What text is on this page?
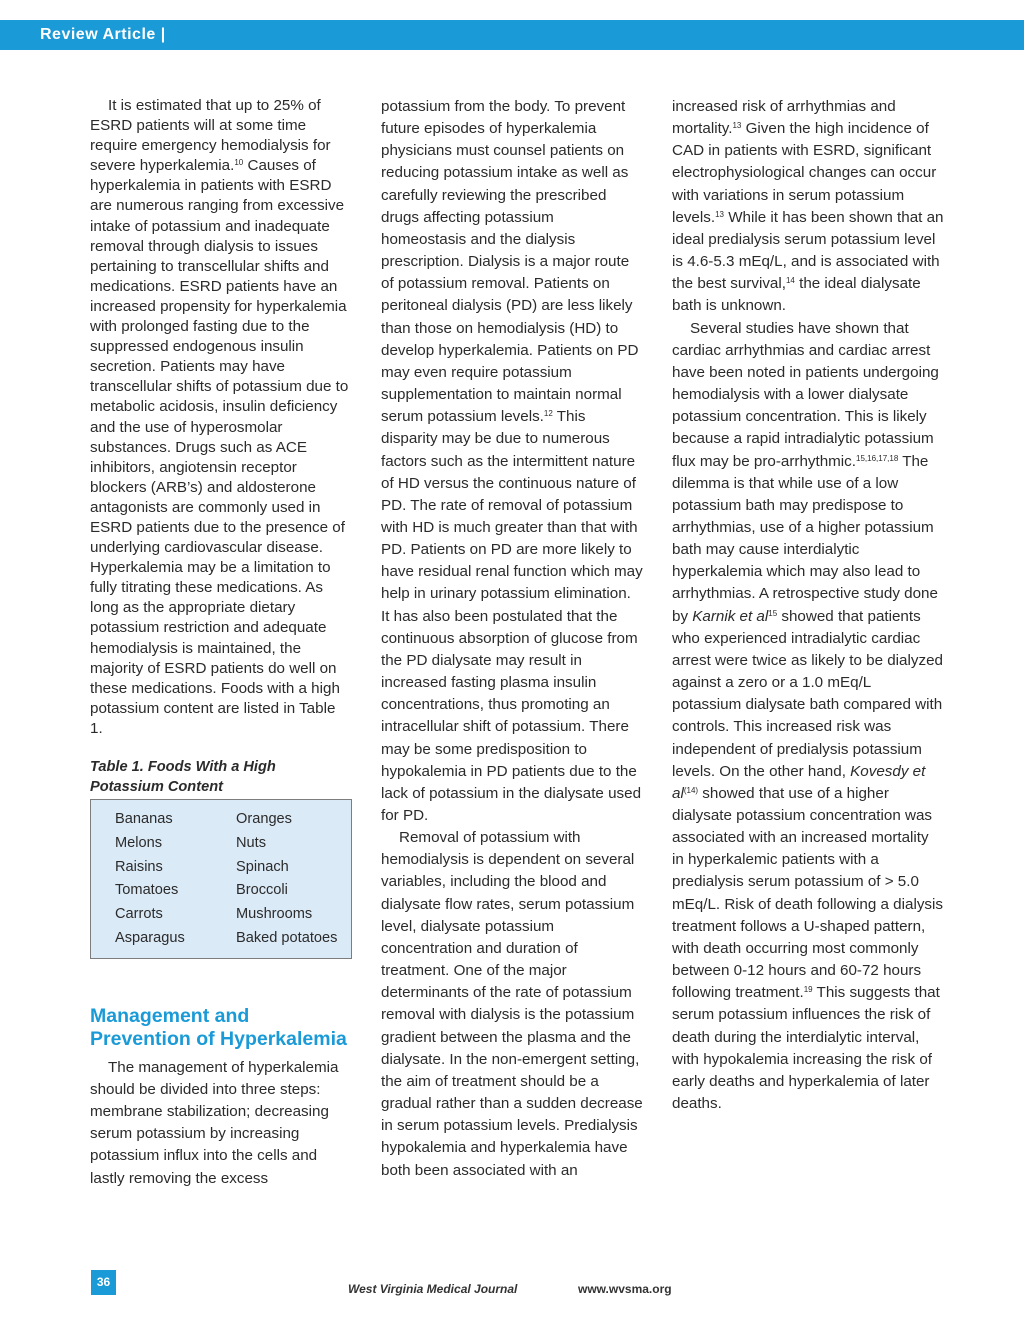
Review Article |

It is estimated that up to 25% of ESRD patients will at some time require emergency hemodialysis for severe hyperkalemia.$^{10}$ Causes of hyperkalemia in patients with ESRD are numerous ranging from excessive intake of potassium and inadequate removal through dialysis to issues pertaining to transcellular shifts and medications. ESRD patients have an increased propensity for hyperkalemia with prolonged fasting due to the suppressed endogenous insulin secretion. Patients may have transcellular shifts of potassium due to metabolic acidosis, insulin deficiency and the use of hyperosmolar substances. Drugs such as ACE inhibitors, angiotensin receptor blockers (ARB’s) and aldosterone antagonists are commonly used in ESRD patients due to the presence of underlying cardiovascular disease. Hyperkalemia may be a limitation to fully titrating these medications. As long as the appropriate dietary potassium restriction and adequate hemodialysis is maintained, the majority of ESRD patients do well on these medications. Foods with a high potassium content are listed in Table 1.

Table 1. Foods With a High Potassium Content
Bananas	Oranges
Melons	Nuts
Raisins	Spinach
Tomatoes	Broccoli
Carrots	Mushrooms
Asparagus	Baked potatoes
Management and Prevention of Hyperkalemia

The management of hyperkalemia should be divided into three steps: membrane stabilization; decreasing serum potassium by increasing potassium influx into the cells and lastly removing the excess

potassium from the body. To prevent future episodes of hyperkalemia physicians must counsel patients on reducing potassium intake as well as carefully reviewing the prescribed drugs affecting potassium homeostasis and the dialysis prescription. Dialysis is a major route of potassium removal. Patients on peritoneal dialysis (PD) are less likely than those on hemodialysis (HD) to develop hyperkalemia. Patients on PD may even require potassium supplementation to maintain normal serum potassium levels.$^{12}$ This disparity may be due to numerous factors such as the intermittent nature of HD versus the continuous nature of PD. The rate of removal of potassium with HD is much greater than that with PD. Patients on PD are more likely to have residual renal function which may help in urinary potassium elimination. It has also been postulated that the continuous absorption of glucose from the PD dialysate may result in increased fasting plasma insulin concentrations, thus promoting an intracellular shift of potassium. There may be some predisposition to hypokalemia in PD patients due to the lack of potassium in the dialysate used for PD.

Removal of potassium with hemodialysis is dependent on several variables, including the blood and dialysate flow rates, serum potassium level, dialysate potassium concentration and duration of treatment. One of the major determinants of the rate of potassium removal with dialysis is the potassium gradient between the plasma and the dialysate. In the non-emergent setting, the aim of treatment should be a gradual rather than a sudden decrease in serum potassium levels. Predialysis hypokalemia and hyperkalemia have both been associated with an

increased risk of arrhythmias and mortality.$^{13}$ Given the high incidence of CAD in patients with ESRD, significant electrophysiological changes can occur with variations in serum potassium levels.$^{13}$ While it has been shown that an ideal predialysis serum potassium level is 4.6-5.3 mEq/L, and is associated with the best survival,$^{14}$ the ideal dialysate bath is unknown.

Several studies have shown that cardiac arrhythmias and cardiac arrest have been noted in patients undergoing hemodialysis with a lower dialysate potassium concentration. This is likely because a rapid intradialytic potassium flux may be pro-arrhythmic.$^{15,16,17,18}$ The dilemma is that while use of a low potassium bath may predispose to arrhythmias, use of a higher potassium bath may cause interdialytic hyperkalemia which may also lead to arrhythmias. A retrospective study done by Karnik et $al^{15}$ showed that patients who experienced intradialytic cardiac arrest were twice as likely to be dialyzed against a zero or a 1.0 mEq/L potassium dialysate bath compared with controls. This increased risk was independent of predialysis potassium levels. On the other hand, Kovesdy et $al^{(14)}$ showed that use of a higher dialysate potassium concentration was associated with an increased mortality in hyperkalemic patients with a predialysis serum potassium of > 5.0 mEq/L. Risk of death following a dialysis treatment follows a U-shaped pattern, with death occurring most commonly between 0-12 hours and 60-72 hours following treatment.$^{19}$ This suggests that serum potassium influences the risk of death during the interdialytic interval, with hypokalemia increasing the risk of early deaths and hyperkalemia of later deaths.

36	West Virginia Medical Journal	www.wvsma.org
